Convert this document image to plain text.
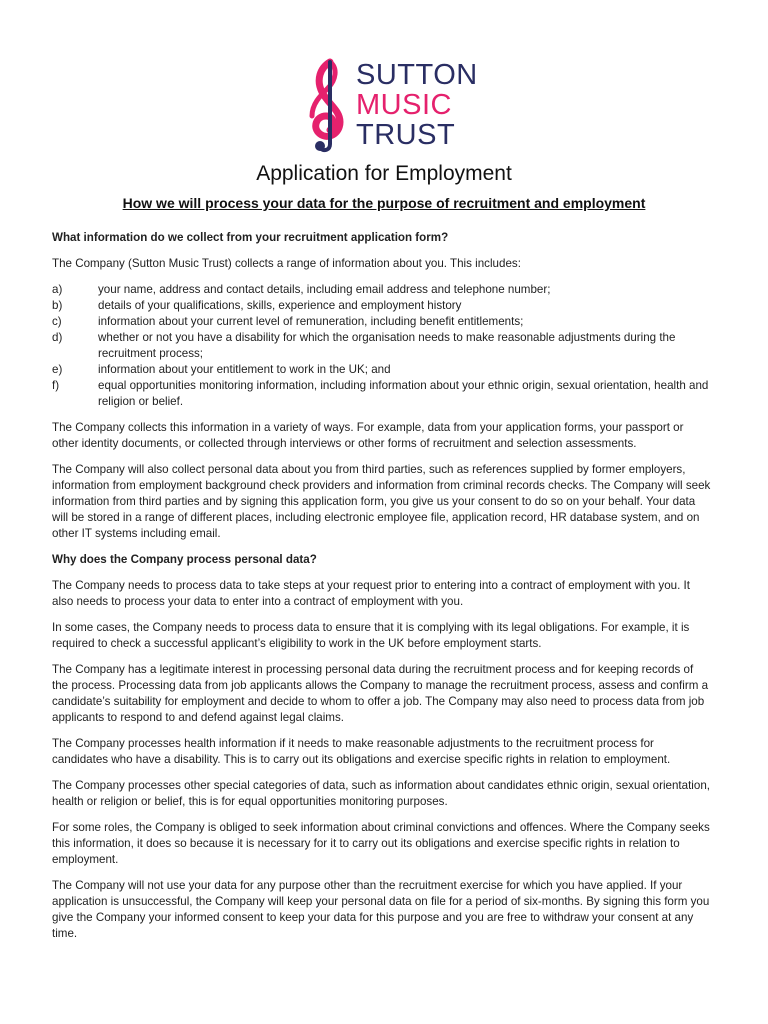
SUTTON
MUSIC
TRUST
Application for Employment
How we will process your data for the purpose of recruitment and employment
What information do we collect from your recruitment application form?

The Company (Sutton Music Trust) collects a range of information about you. This includes:

a)	your name, address and contact details, including email address and telephone number;
b)	details of your qualifications, skills, experience and employment history
c)	information about your current level of remuneration, including benefit entitlements;
d)	whether or not you have a disability for which the organisation needs to make reasonable adjustments during the recruitment process;
e)	information about your entitlement to work in the UK; and
f)	equal opportunities monitoring information, including information about your ethnic origin, sexual orientation, health and religion or belief.

The Company collects this information in a variety of ways. For example, data from your application forms, your passport or other identity documents, or collected through interviews or other forms of recruitment and selection assessments.

The Company will also collect personal data about you from third parties, such as references supplied by former employers, information from employment background check providers and information from criminal records checks. The Company will seek information from third parties and by signing this application form, you give us your consent to do so on your behalf. Your data will be stored in a range of different places, including electronic employee file, application record, HR database system, and on other IT systems including email.

Why does the Company process personal data?

The Company needs to process data to take steps at your request prior to entering into a contract of employment with you. It also needs to process your data to enter into a contract of employment with you.

In some cases, the Company needs to process data to ensure that it is complying with its legal obligations. For example, it is required to check a successful applicant’s eligibility to work in the UK before employment starts.

The Company has a legitimate interest in processing personal data during the recruitment process and for keeping records of the process. Processing data from job applicants allows the Company to manage the recruitment process, assess and confirm a candidate’s suitability for employment and decide to whom to offer a job. The Company may also need to process data from job applicants to respond to and defend against legal claims.

The Company processes health information if it needs to make reasonable adjustments to the recruitment process for candidates who have a disability. This is to carry out its obligations and exercise specific rights in relation to employment.

The Company processes other special categories of data, such as information about candidates ethnic origin, sexual orientation, health or religion or belief, this is for equal opportunities monitoring purposes.

For some roles, the Company is obliged to seek information about criminal convictions and offences. Where the Company seeks this information, it does so because it is necessary for it to carry out its obligations and exercise specific rights in relation to employment.

The Company will not use your data for any purpose other than the recruitment exercise for which you have applied. If your application is unsuccessful, the Company will keep your personal data on file for a period of six-months. By signing this form you give the Company your informed consent to keep your data for this purpose and you are free to withdraw your consent at any time.
